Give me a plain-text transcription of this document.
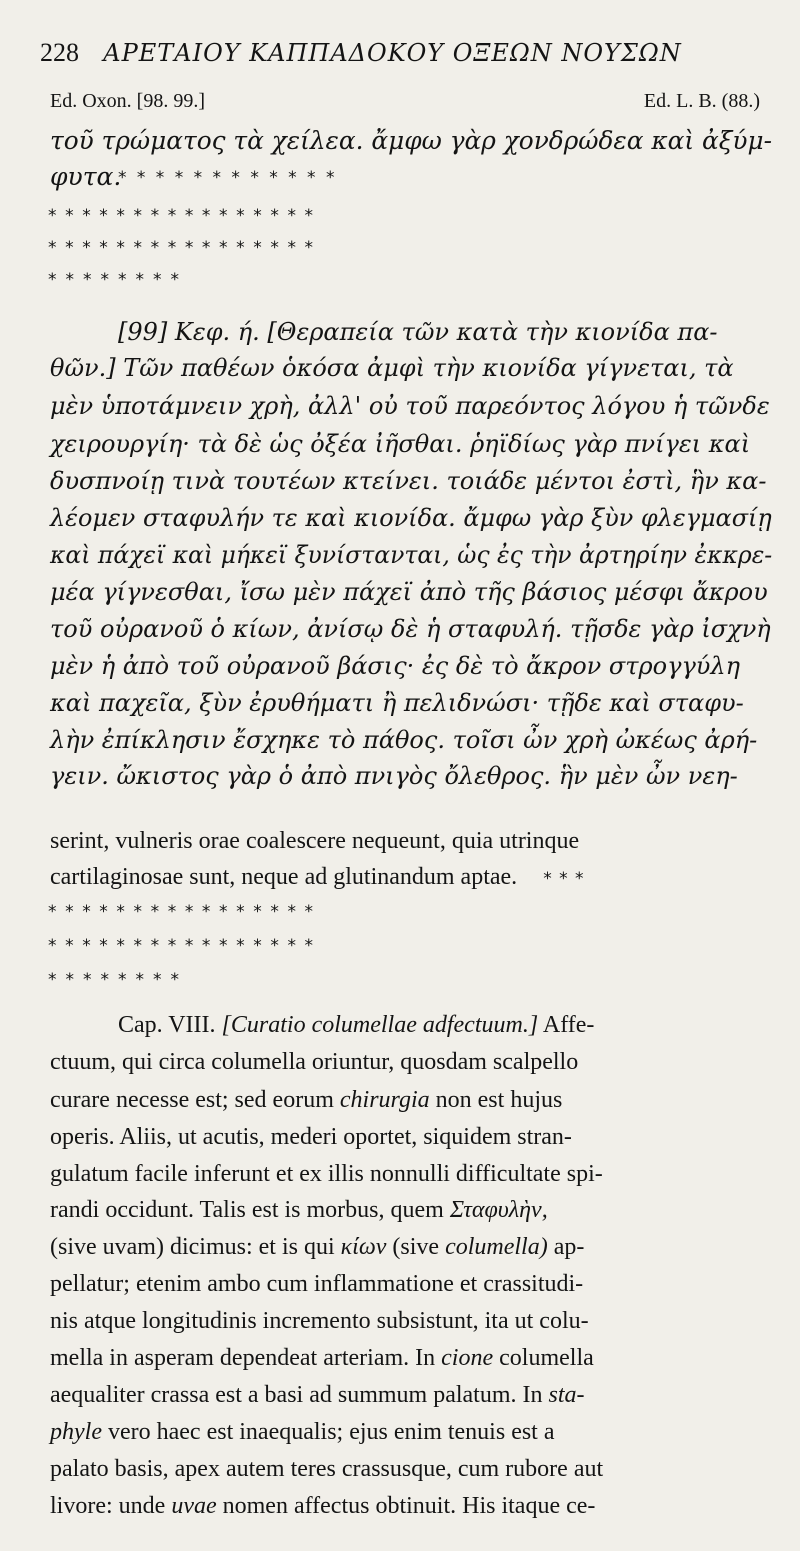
228 ΑΡΕΤΑΙΟΥ ΚΑΠΠΑΔΟΚΟΥ ΟΞΕΩΝ ΝΟΥΣΩΝ
Ed. Oxon. [98. 99.]	Ed. L. B. (88.)
τοῦ τρώματος τὰ χείλεα. ἄμφω γὰρ χονδρώδεα καὶ ἀξύμ-
φυτα.
* * * * * * * * * * * *
* * * * * * * * * * * * * * * *
* * * * * * * * * * * * * * * *
* * * * * * * *
[99] Κεφ. ή. [Θεραπεία τῶν κατὰ τὴν κιονίδα πα-
θῶν.] Τῶν παθέων ὁκόσα ἀμφὶ τὴν κιονίδα γίγνεται, τὰ
μὲν ὑποτάμνειν χρὴ, ἀλλ' οὐ τοῦ παρεόντος λόγου ἡ τῶνδε
χειρουργίη· τὰ δὲ ὡς ὀξέα ἰῆσθαι. ῥηϊδίως γὰρ πνίγει καὶ
δυσπνοίῃ τινὰ τουτέων κτείνει. τοιάδε μέντοι ἐστὶ, ἣν κα-
λέομεν σταφυλήν τε καὶ κιονίδα. ἄμφω γὰρ ξὺν φλεγμασίῃ
καὶ πάχεϊ καὶ μήκεϊ ξυνίστανται, ὡς ἐς τὴν ἀρτηρίην ἐκκρε-
μέα γίγνεσθαι, ἴσω μὲν πάχεϊ ἀπὸ τῆς βάσιος μέσφι ἄκρου
τοῦ οὐρανοῦ ὁ κίων, ἀνίσῳ δὲ ἡ σταφυλή. τῇσδε γὰρ ἰσχνὴ
μὲν ἡ ἀπὸ τοῦ οὐρανοῦ βάσις· ἐς δὲ τὸ ἄκρον στρογγύλη
καὶ παχεῖα, ξὺν ἐρυθήματι ἢ πελιδνώσι· τῇδε καὶ σταφυ-
λὴν ἐπίκλησιν ἔσχηκε τὸ πάθος. τοῖσι ὦν χρὴ ὠκέως ἀρή-
γειν. ὤκιστος γὰρ ὁ ἀπὸ πνιγὸς ὄλεθρος. ἣν μὲν ὦν νεη-
serint, vulneris orae coalescere nequeunt, quia utrinque
cartilaginosae sunt, neque ad glutinandum aptae. * * *
* * * * * * * * * * * * * * * *
* * * * * * * * * * * * * * * *
* * * * * * * *
Cap. VIII. [Curatio columellae adfectuum.] Affe-
ctuum, qui circa columella oriuntur, quosdam scalpello
curare necesse est; sed eorum chirurgia non est hujus
operis. Aliis, ut acutis, mederi oportet, siquidem stran-
gulatum facile inferunt et ex illis nonnulli difficultate spi-
randi occidunt. Talis est is morbus, quem Σταφυλὴν,
(sive uvam) dicimus: et is qui κίων (sive columella) ap-
pellatur; etenim ambo cum inflammatione et crassitudi-
nis atque longitudinis incremento subsistunt, ita ut colu-
mella in asperam dependeat arteriam. In cione columella
aequaliter crassa est a basi ad summum palatum. In sta-
phyle vero haec est inaequalis; ejus enim tenuis est a
palato basis, apex autem teres crassusque, cum rubore aut
livore: unde uvae nomen affectus obtinuit. His itaque ce-
